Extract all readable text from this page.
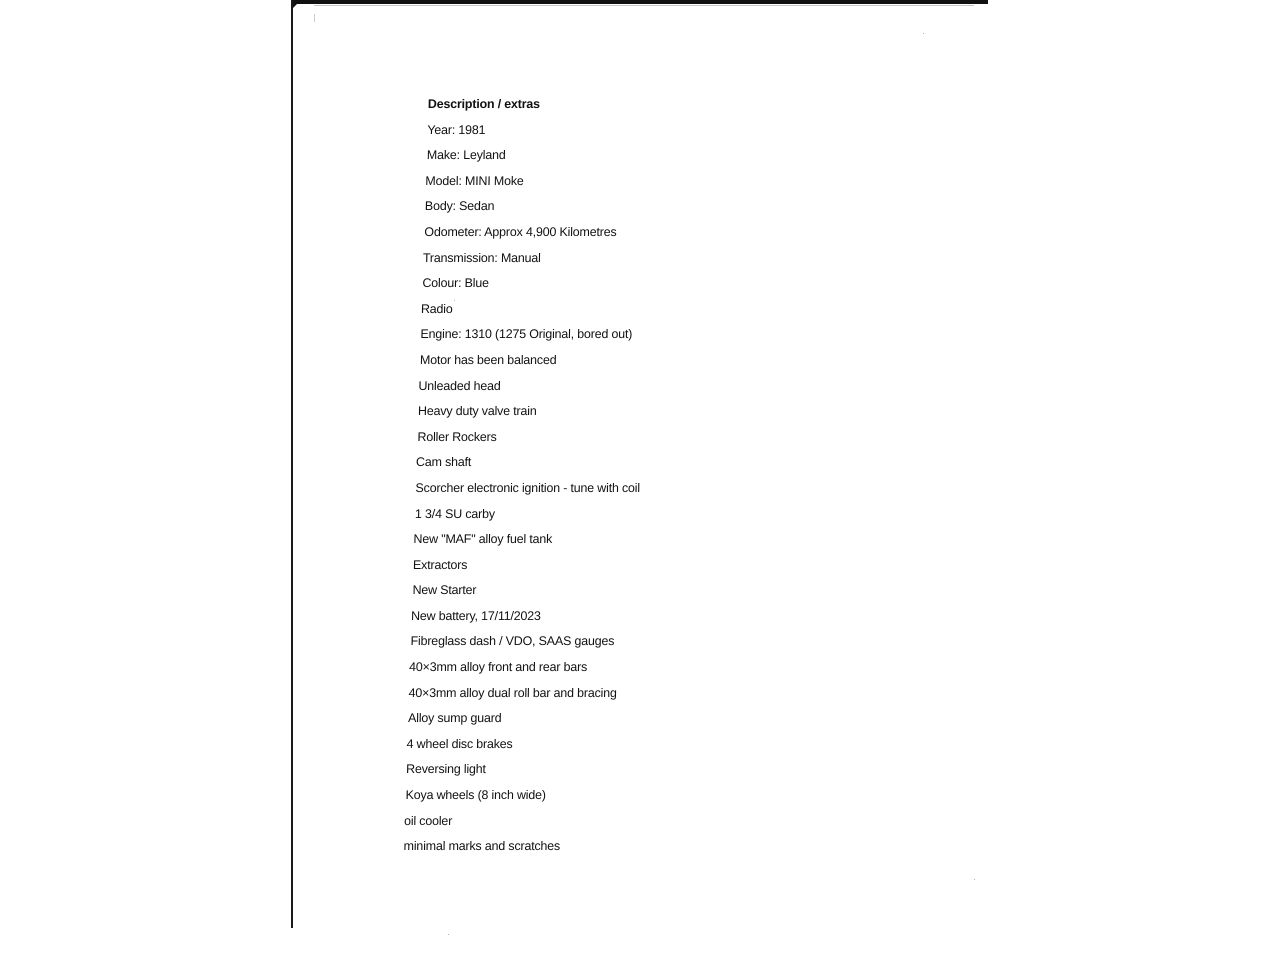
Description / extras
Year: 1981
Make: Leyland
Model: MINI Moke
Body: Sedan
Odometer: Approx 4,900 Kilometres
Transmission: Manual
Colour: Blue
Radio
Engine: 1310 (1275 Original, bored out)
Motor has been balanced
Unleaded head
Heavy duty valve train
Roller Rockers
Cam shaft
Scorcher electronic ignition - tune with coil
1 3/4 SU carby
New "MAF" alloy fuel tank
Extractors
New Starter
New battery, 17/11/2023
Fibreglass dash / VDO, SAAS gauges
40×3mm alloy front and rear bars
40×3mm alloy dual roll bar and bracing
Alloy sump guard
4 wheel disc brakes
Reversing light
Koya wheels (8 inch wide)
oil cooler
minimal marks and scratches
